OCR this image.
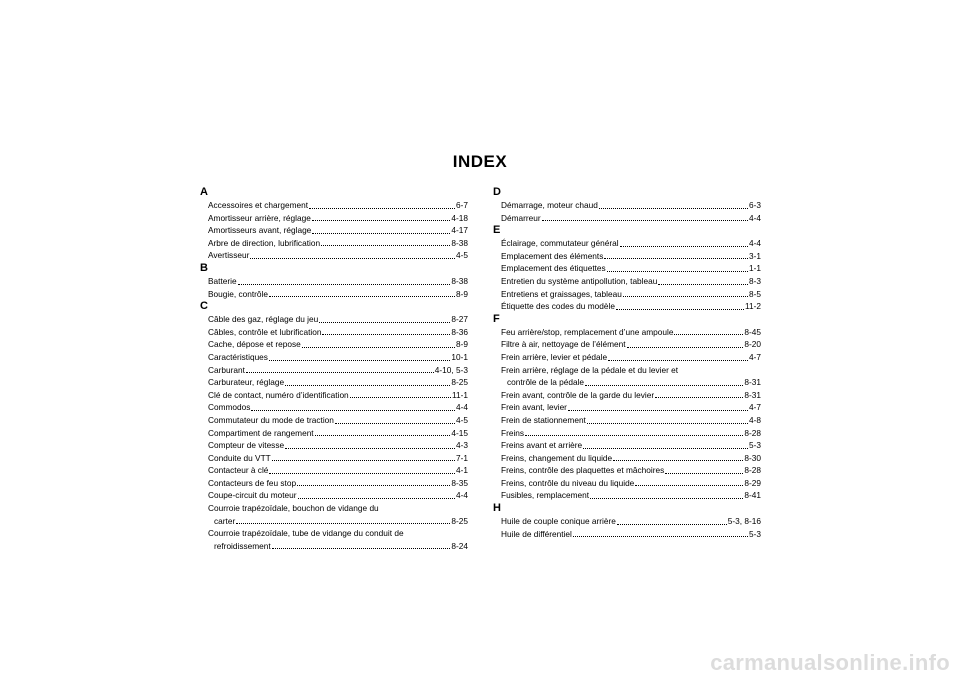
INDEX
A
Accessoires et chargement	6-7
Amortisseur arrière, réglage	4-18
Amortisseurs avant, réglage	4-17
Arbre de direction, lubrification	8-38
Avertisseur	4-5
B
Batterie	8-38
Bougie, contrôle	8-9
C
Câble des gaz, réglage du jeu	8-27
Câbles, contrôle et lubrification	8-36
Cache, dépose et repose	8-9
Caractéristiques	10-1
Carburant	4-10, 5-3
Carburateur, réglage	8-25
Clé de contact, numéro d’identification	11-1
Commodos	4-4
Commutateur du mode de traction	4-5
Compartiment de rangement	4-15
Compteur de vitesse	4-3
Conduite du VTT	7-1
Contacteur à clé	4-1
Contacteurs de feu stop	8-35
Coupe-circuit du moteur	4-4
Courroie trapézoïdale, bouchon de vidange du
carter	8-25
Courroie trapézoïdale, tube de vidange du conduit de
refroidissement	8-24
D
Démarrage, moteur chaud	6-3
Démarreur	4-4
E
Éclairage, commutateur général	4-4
Emplacement des éléments	3-1
Emplacement des étiquettes	1-1
Entretien du système antipollution, tableau	8-3
Entretiens et graissages, tableau	8-5
Étiquette des codes du modèle	11-2
F
Feu arrière/stop, remplacement d’une ampoule	8-45
Filtre à air, nettoyage de l’élément	8-20
Frein arrière, levier et pédale	4-7
Frein arrière, réglage de la pédale et du levier et
contrôle de la pédale	8-31
Frein avant, contrôle de la garde du levier	8-31
Frein avant, levier	4-7
Frein de stationnement	4-8
Freins	8-28
Freins avant et arrière	5-3
Freins, changement du liquide	8-30
Freins, contrôle des plaquettes et mâchoires	8-28
Freins, contrôle du niveau du liquide	8-29
Fusibles, remplacement	8-41
H
Huile de couple conique arrière	5-3, 8-16
Huile de différentiel	5-3
carmanualsonline.info
